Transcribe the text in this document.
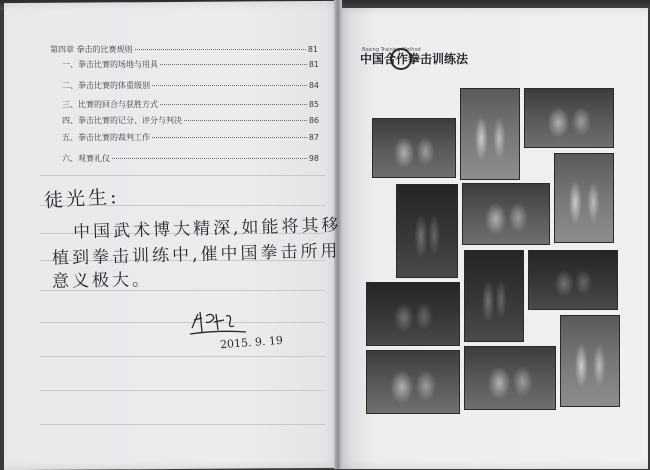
第四章 拳击的比赛规则	81
一、拳击比赛的场地与用具	81
二、拳击比赛的体重级别	84
三、比赛的回合与获胜方式	85
四、拳击比赛的记分、评分与判决	86
五、拳击比赛的裁判工作	87
六、观赛礼仪	98
徒光生:
中国武术博大精深,如能将其移
植到拳击训练中,催中国拳击所用
意义极大。
2015. 9. 19
Boxing Training Method
中国合作拳击训练法
